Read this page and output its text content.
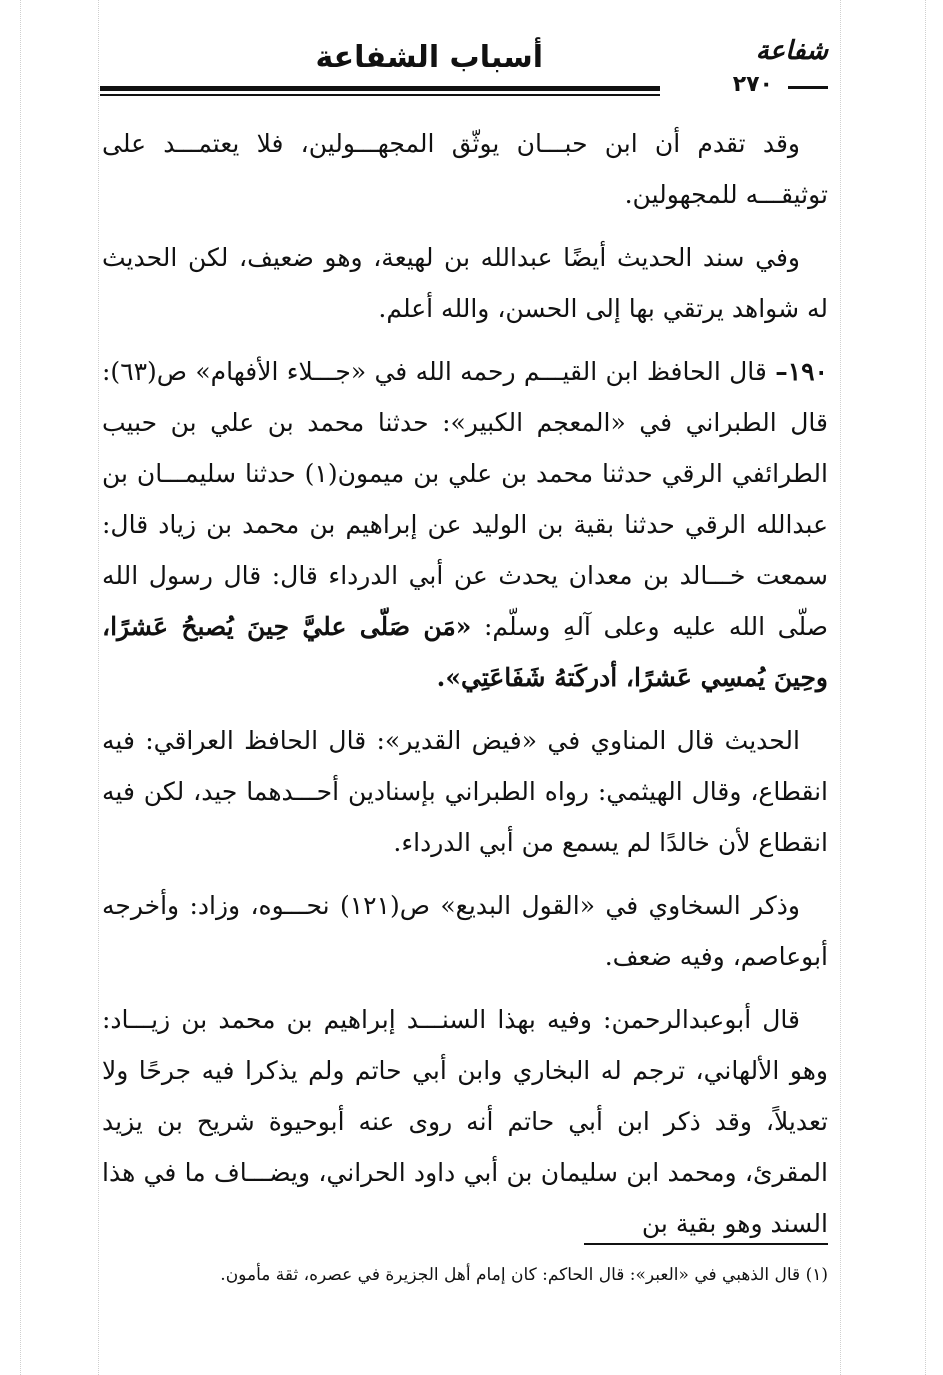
شفاعة
٢٧٠
أسباب الشفاعة

وقد تقدم أن ابن حبـــان يوثّق المجهـــولين، فلا يعتمـــد على توثيقـــه للمجهولين.

وفي سند الحديث أيضًا عبدالله بن لهيعة، وهو ضعيف، لكن الحديث له شواهد يرتقي بها إلى الحسن، والله أعلم.

١٩٠– قال الحافظ ابن القيـــم رحمه الله في «جـــلاء الأفهام» ص(٦٣): قال الطبراني في «المعجم الكبير»: حدثنا محمد بن علي بن حبيب الطرائفي الرقي حدثنا محمد بن علي بن ميمون(١) حدثنا سليمـــان بن عبدالله الرقي حدثنا بقية بن الوليد عن إبراهيم بن محمد بن زياد قال: سمعت خـــالد بن معدان يحدث عن أبي الدرداء قال: قال رسول الله صلّى الله عليه وعلى آلهِ وسلّم: «مَن صَلّى عليَّ حِينَ يُصبحُ عَشرًا، وحِينَ يُمسِي عَشرًا، أدركَتهُ شَفَاعَتِي».

الحديث قال المناوي في «فيض القدير»: قال الحافظ العراقي: فيه انقطاع، وقال الهيثمي: رواه الطبراني بإسنادين أحـــدهما جيد، لكن فيه انقطاع لأن خالدًا لم يسمع من أبي الدرداء.

وذكر السخاوي في «القول البديع» ص(١٢١) نحـــوه، وزاد: وأخرجه أبوعاصم، وفيه ضعف.

قال أبوعبدالرحمن: وفيه بهذا السنـــد إبراهيم بن محمد بن زيـــاد: وهو الألهاني، ترجم له البخاري وابن أبي حاتم ولم يذكرا فيه جرحًا ولا تعديلاً، وقد ذكر ابن أبي حاتم أنه روى عنه أبوحيوة شريح بن يزيد المقرئ، ومحمد ابن سليمان بن أبي داود الحراني، ويضـــاف ما في هذا السند وهو بقية بن

(١) قال الذهبي في «العبر»: قال الحاكم: كان إمام أهل الجزيرة في عصره، ثقة مأمون.
